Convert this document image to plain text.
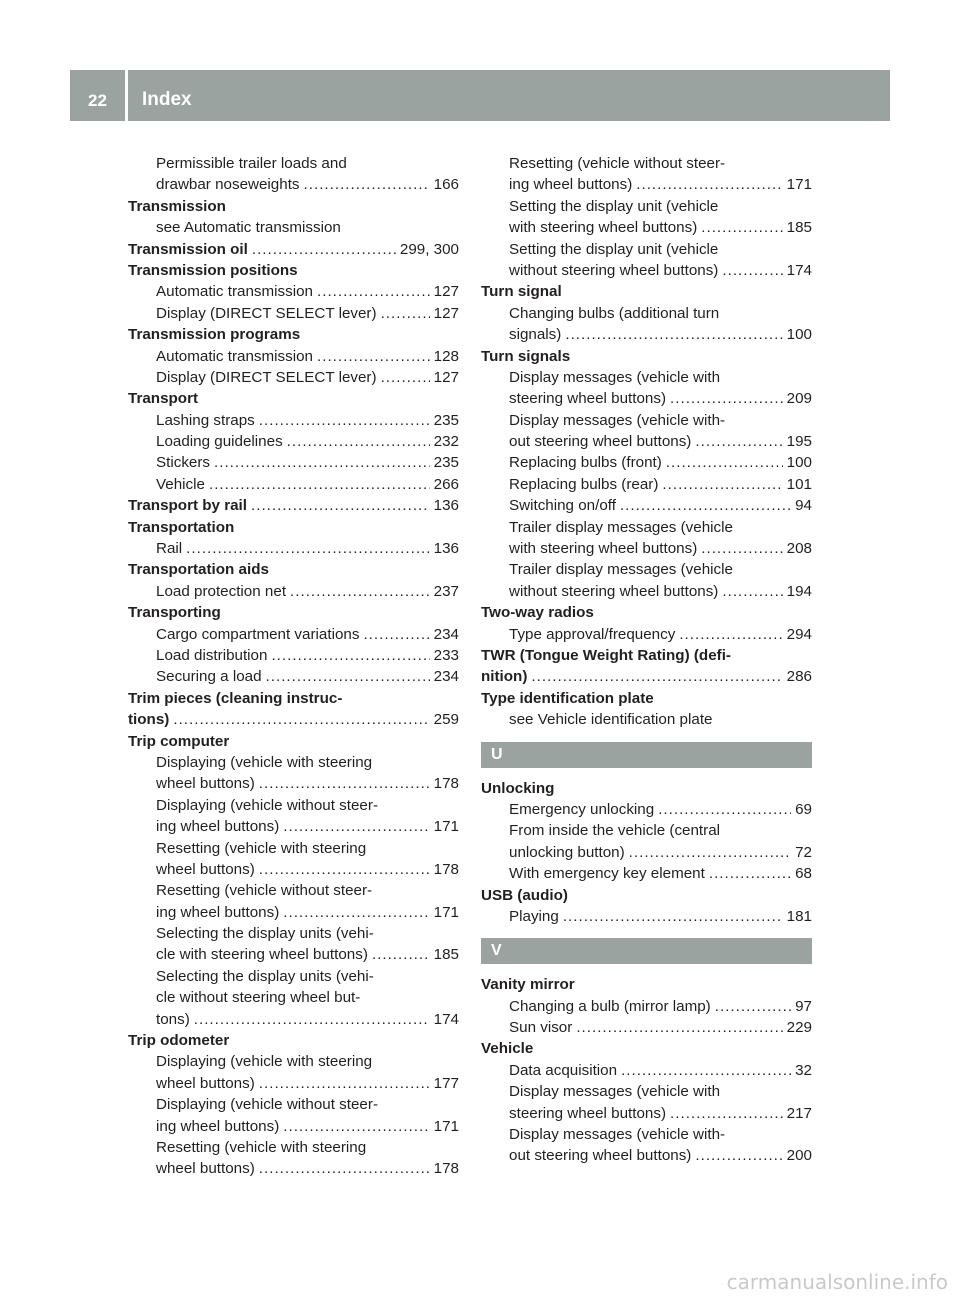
22	Index
Permissible trailer loads and
drawbar noseweights .....	166
Transmission
see Automatic transmission
Transmission oil .....	299, 300
Transmission positions
Automatic transmission .....	127
Display (DIRECT SELECT lever) .....	127
Transmission programs
Automatic transmission .....	128
Display (DIRECT SELECT lever) .....	127
Transport
Lashing straps .....	235
Loading guidelines .....	232
Stickers .....	235
Vehicle .....	266
Transport by rail .....	136
Transportation
Rail .....	136
Transportation aids
Load protection net .....	237
Transporting
Cargo compartment variations .....	234
Load distribution .....	233
Securing a load .....	234
Trim pieces (cleaning instruc-
tions) .....	259
Trip computer
Displaying (vehicle with steering
wheel buttons) .....	178
Displaying (vehicle without steer-
ing wheel buttons) .....	171
Resetting (vehicle with steering
wheel buttons) .....	178
Resetting (vehicle without steer-
ing wheel buttons) .....	171
Selecting the display units (vehi-
cle with steering wheel buttons) .....	185
Selecting the display units (vehi-
cle without steering wheel but-
tons) .....	174
Trip odometer
Displaying (vehicle with steering
wheel buttons) .....	177
Displaying (vehicle without steer-
ing wheel buttons) .....	171
Resetting (vehicle with steering
wheel buttons) .....	178
Resetting (vehicle without steer-
ing wheel buttons) .....	171
Setting the display unit (vehicle
with steering wheel buttons) .....	185
Setting the display unit (vehicle
without steering wheel buttons) .....	174
Turn signal
Changing bulbs (additional turn
signals) .....	100
Turn signals
Display messages (vehicle with
steering wheel buttons) .....	209
Display messages (vehicle with-
out steering wheel buttons) .....	195
Replacing bulbs (front) .....	100
Replacing bulbs (rear) .....	101
Switching on/off .....	94
Trailer display messages (vehicle
with steering wheel buttons) .....	208
Trailer display messages (vehicle
without steering wheel buttons) .....	194
Two-way radios
Type approval/frequency .....	294
TWR (Tongue Weight Rating) (defi-
nition) .....	286
Type identification plate
see Vehicle identification plate
U
Unlocking
Emergency unlocking .....	69
From inside the vehicle (central
unlocking button) .....	72
With emergency key element .....	68
USB (audio)
Playing .....	181
V
Vanity mirror
Changing a bulb (mirror lamp) .....	97
Sun visor .....	229
Vehicle
Data acquisition .....	32
Display messages (vehicle with
steering wheel buttons) .....	217
Display messages (vehicle with-
out steering wheel buttons) .....	200
carmanualsonline.info
